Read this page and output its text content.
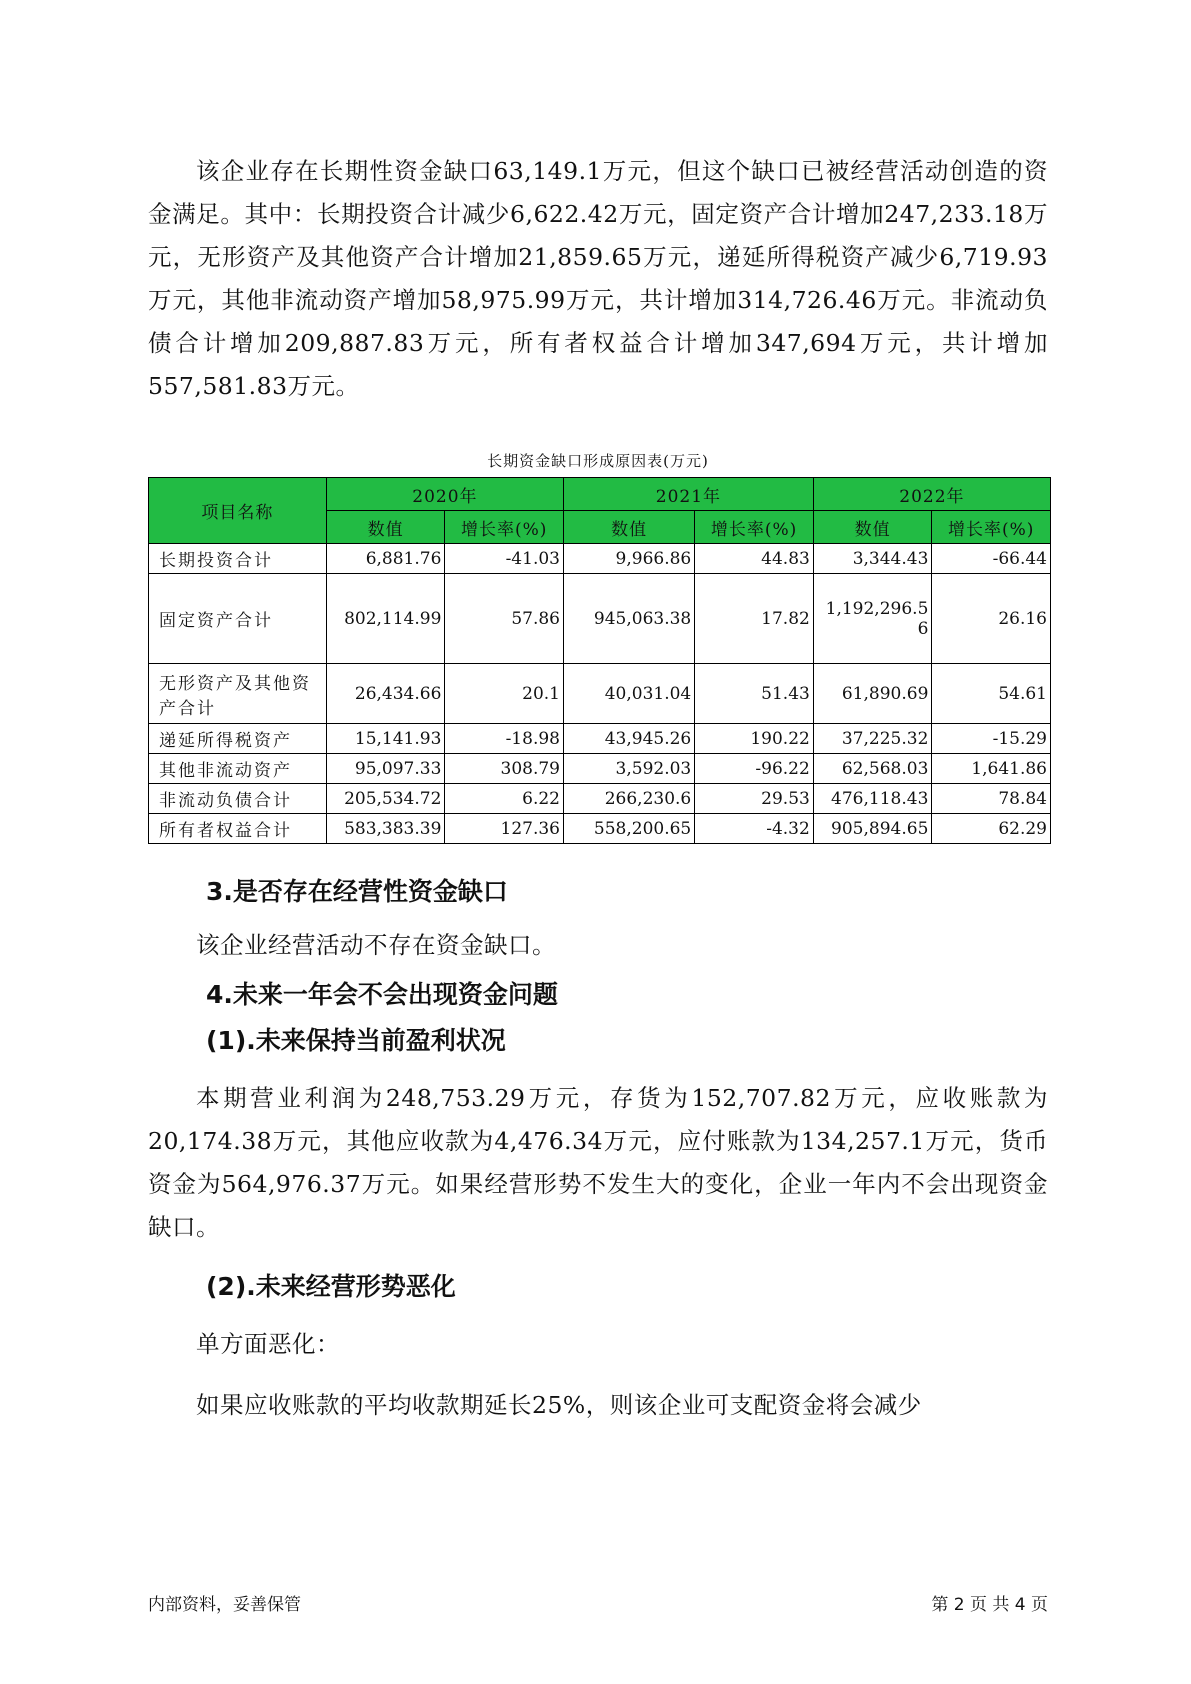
该企业存在长期性资金缺口63,149.1万元，但这个缺口已被经营活动创造的资金满足。其中：长期投资合计减少6,622.42万元，固定资产合计增加247,233.18万元，无形资产及其他资产合计增加21,859.65万元，递延所得税资产减少6,719.93万元，其他非流动资产增加58,975.99万元，共计增加314,726.46万元。非流动负债合计增加209,887.83万元，所有者权益合计增加347,694万元，共计增加557,581.83万元。

长期资金缺口形成原因表(万元)
项目名称	2020年		2021年		2022年	
	数值	增长率(%)	数值	增长率(%)	数值	增长率(%)
长期投资合计	6,881.76	-41.03	9,966.86	44.83	3,344.43	-66.44
固定资产合计	802,114.99	57.86	945,063.38	17.82	1,192,296.56	26.16
无形资产及其他资产合计	26,434.66	20.1	40,031.04	51.43	61,890.69	54.61
递延所得税资产	15,141.93	-18.98	43,945.26	190.22	37,225.32	-15.29
其他非流动资产	95,097.33	308.79	3,592.03	-96.22	62,568.03	1,641.86
非流动负债合计	205,534.72	6.22	266,230.6	29.53	476,118.43	78.84
所有者权益合计	583,383.39	127.36	558,200.65	-4.32	905,894.65	62.29
3.是否存在经营性资金缺口

该企业经营活动不存在资金缺口。

4.未来一年会不会出现资金问题
(1).未来保持当前盈利状况

本期营业利润为248,753.29万元，存货为152,707.82万元，应收账款为20,174.38万元，其他应收款为4,476.34万元，应付账款为134,257.1万元，货币资金为564,976.37万元。如果经营形势不发生大的变化，企业一年内不会出现资金缺口。

(2).未来经营形势恶化

单方面恶化：

如果应收账款的平均收款期延长25%，则该企业可支配资金将会减少

内部资料，妥善保管	第 2 页 共 4 页
